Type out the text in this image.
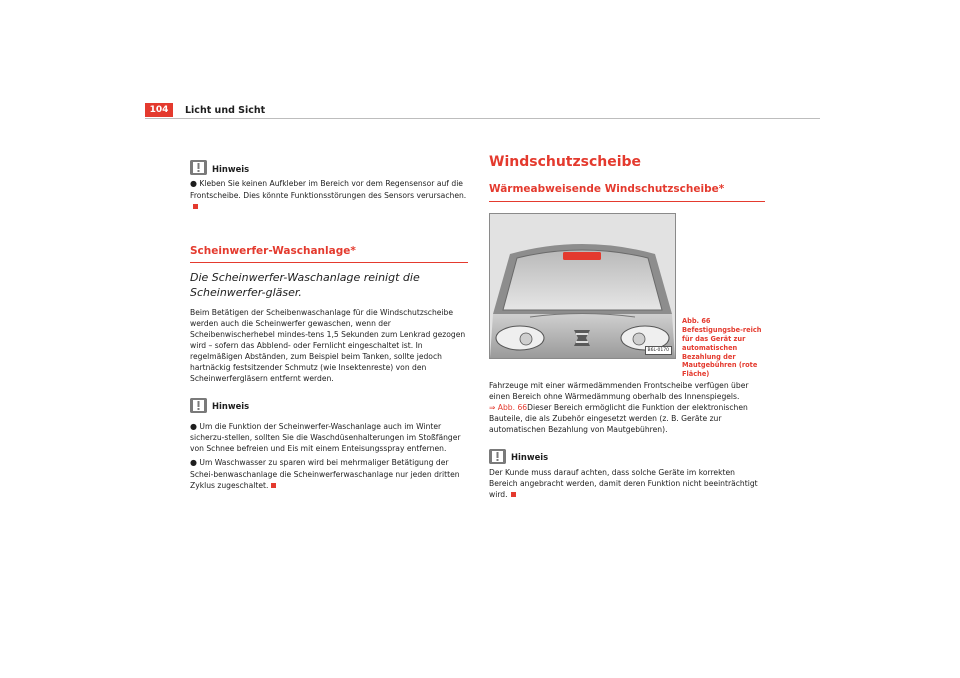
104	Licht und Sicht
Hinweis

● Kleben Sie keinen Aufkleber im Bereich vor dem Regensensor auf die Frontscheibe. Dies könnte Funktionsstörungen des Sensors verursachen.

Scheinwerfer-Waschanlage*
Die Scheinwerfer-Waschanlage reinigt die Scheinwerfer-gläser.

Beim Betätigen der Scheibenwaschanlage für die Windschutzscheibe werden auch die Scheinwerfer gewaschen, wenn der Scheibenwischerhebel mindes-tens 1,5 Sekunden zum Lenkrad gezogen wird – sofern das Abblend- oder Fernlicht eingeschaltet ist. In regelmäßigen Abständen, zum Beispiel beim Tanken, sollte jedoch hartnäckig festsitzender Schmutz (wie Insektenreste) von den Scheinwerfergläsern entfernt werden.

Hinweis

● Um die Funktion der Scheinwerfer-Waschanlage auch im Winter sicherzu-stellen, sollten Sie die Waschdüsenhalterungen im Stoßfänger von Schnee befreien und Eis mit einem Enteisungsspray entfernen.

● Um Waschwasser zu sparen wird bei mehrmaliger Betätigung der Schei-benwaschanlage die Scheinwerferwaschanlage nur jeden dritten Zyklus zugeschaltet.

Windschutzscheibe
Wärmeabweisende Windschutzscheibe*
B6L-0170

Fahrzeuge mit einer wärmedämmenden Frontscheibe verfügen über einen Bereich ohne Wärmedämmung oberhalb des Innenspiegels.
⇒ Abb. 66Dieser Bereich ermöglicht die Funktion der elektronischen Bauteile, die als Zubehör eingesetzt werden (z. B. Geräte zur automatischen Bezahlung von Mautgebühren).

Hinweis

Der Kunde muss darauf achten, dass solche Geräte im korrekten Bereich angebracht werden, damit deren Funktion nicht beeinträchtigt wird.

Abb. 66 Befestigungsbe-reich für das Gerät zur automatischen Bezahlung der Mautgebühren (rote Fläche)
